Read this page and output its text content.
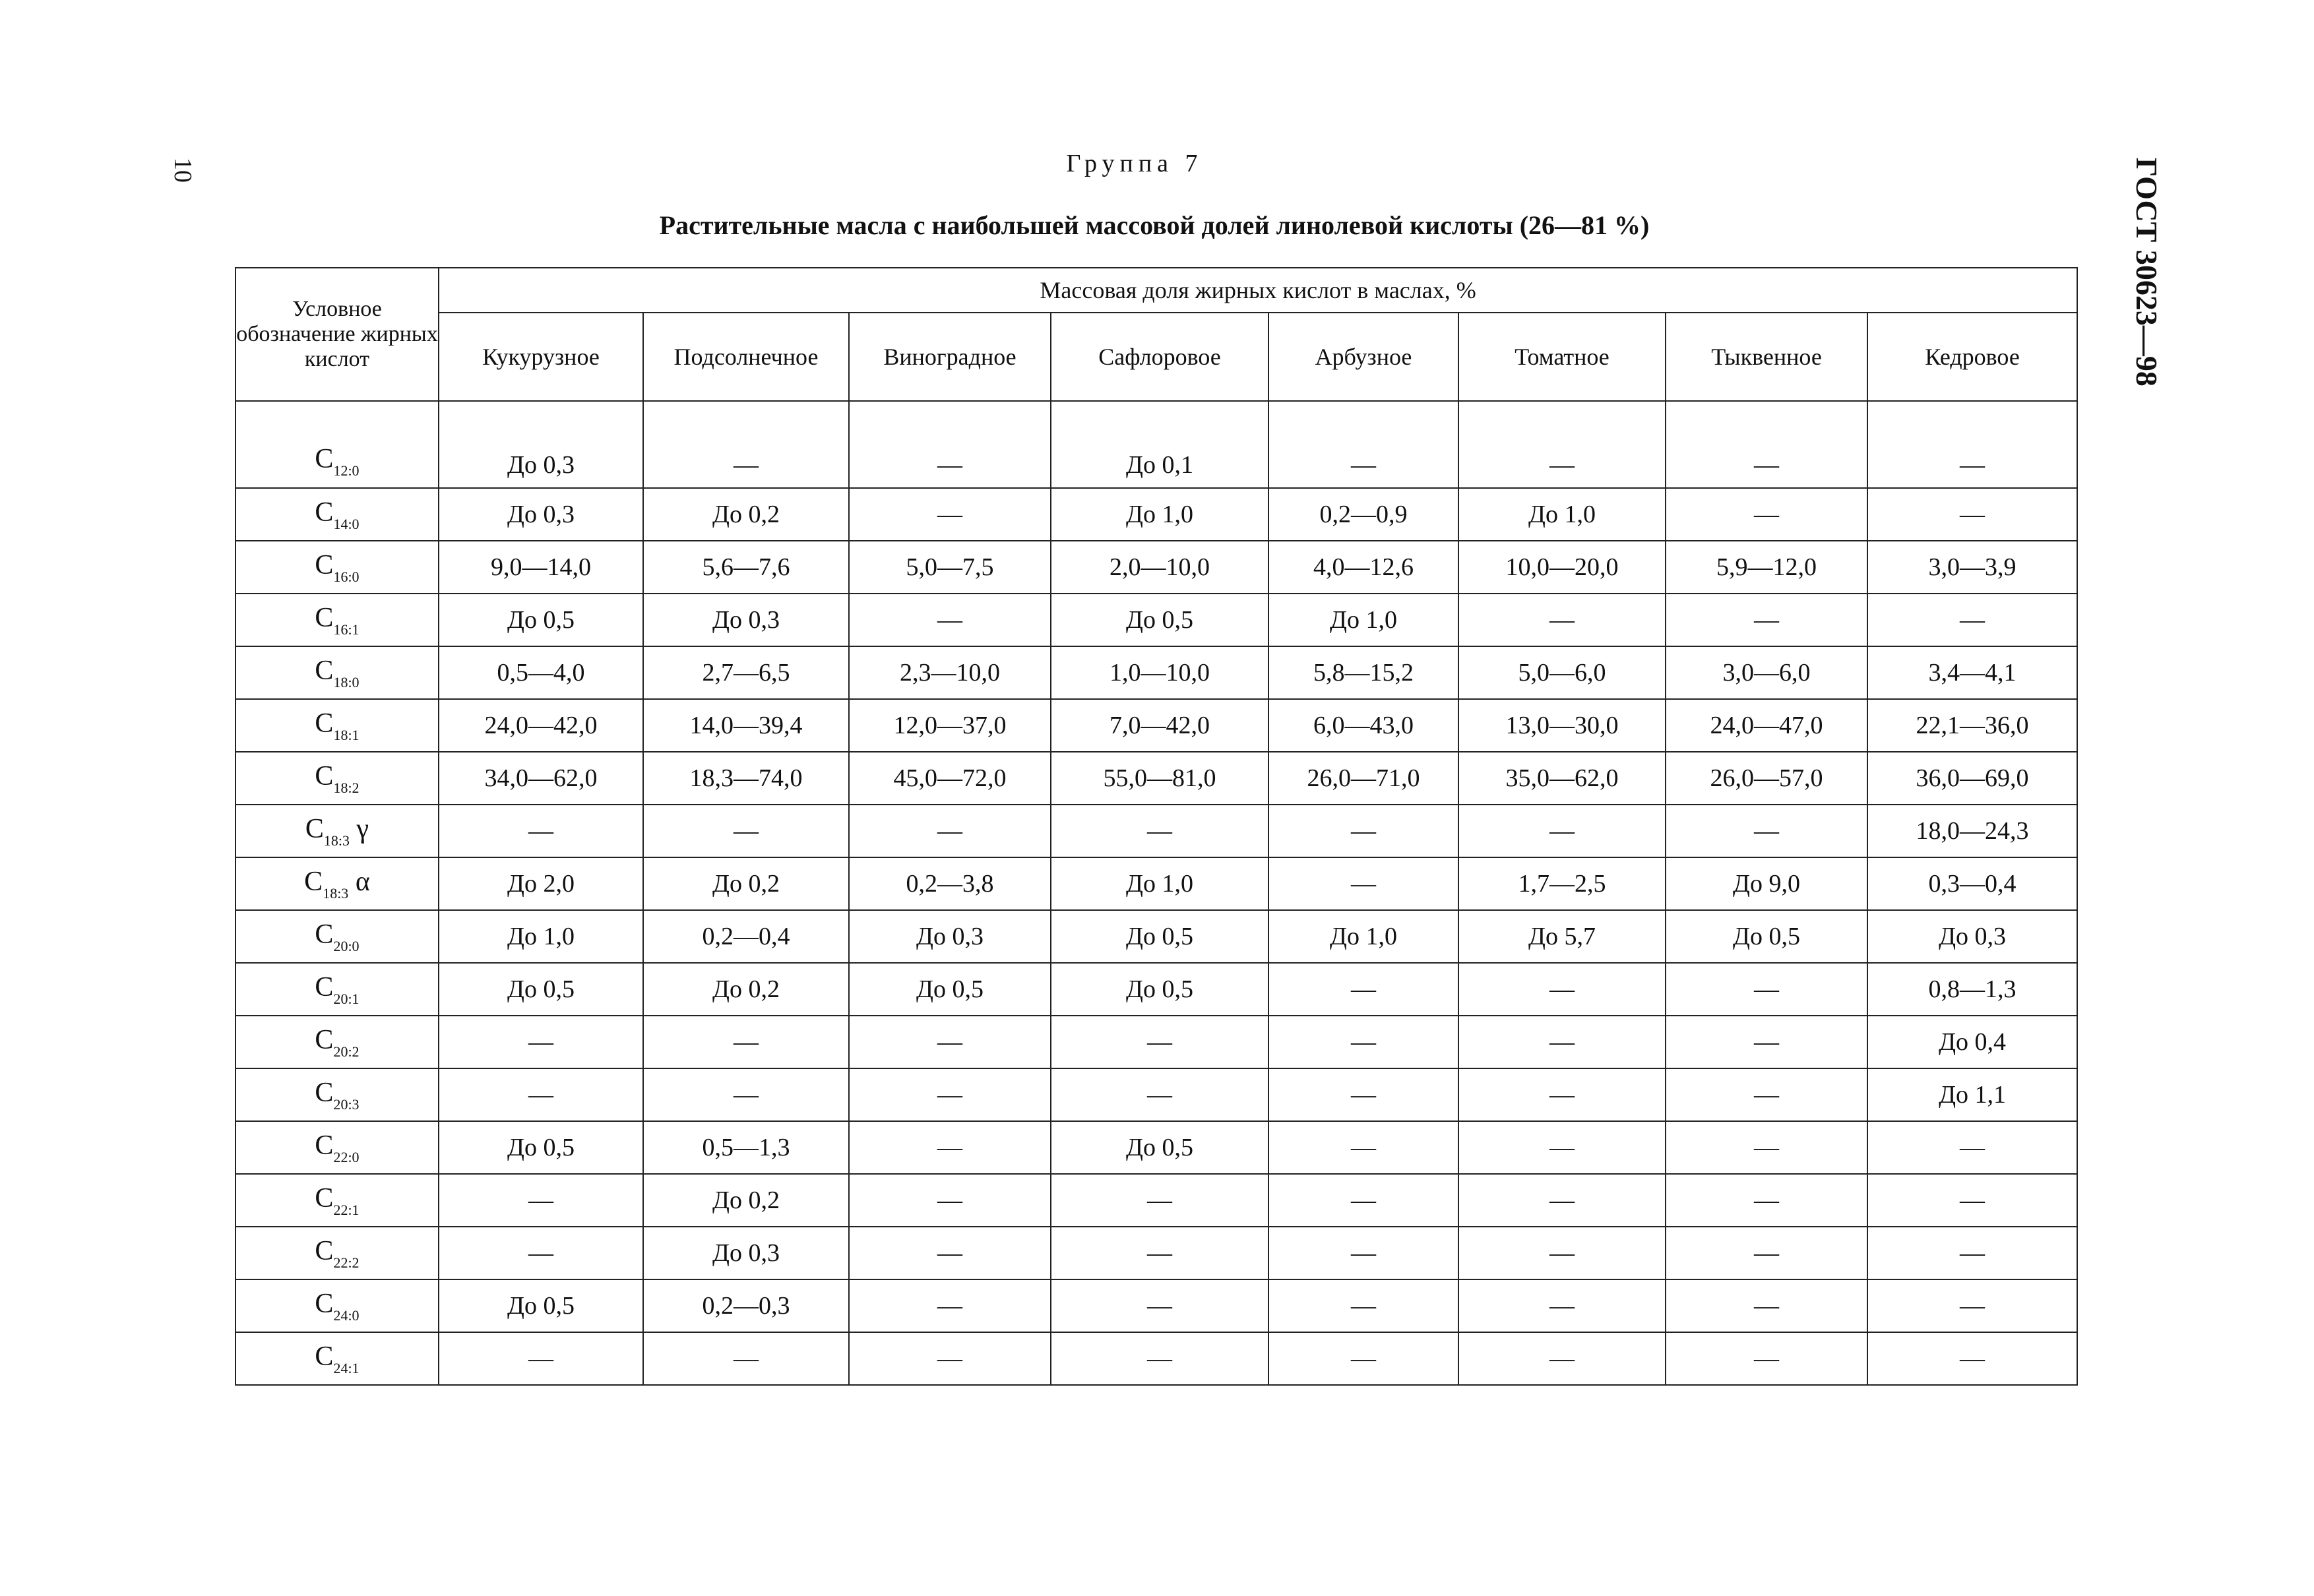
10	ГОСТ 30623—98
Группа 7
Растительные масла с наибольшей массовой долей линолевой кислоты (26—81 %)
Условное обозначение жирных кислот	Массовая доля жирных кислот в маслах, %							
	Кукурузное	Подсолнечное	Виноградное	Сафлоровое	Арбузное	Томатное	Тыквенное	Кедровое
$C_{12:0}$	До 0,3	—	—	До 0,1	—	—	—	—
$C_{14:0}$	До 0,3	До 0,2	—	До 1,0	0,2—0,9	До 1,0	—	—
$C_{16:0}$	9,0—14,0	5,6—7,6	5,0—7,5	2,0—10,0	4,0—12,6	10,0—20,0	5,9—12,0	3,0—3,9
$C_{16:1}$	До 0,5	До 0,3	—	До 0,5	До 1,0	—	—	—
$C_{18:0}$	0,5—4,0	2,7—6,5	2,3—10,0	1,0—10,0	5,8—15,2	5,0—6,0	3,0—6,0	3,4—4,1
$C_{18:1}$	24,0—42,0	14,0—39,4	12,0—37,0	7,0—42,0	6,0—43,0	13,0—30,0	24,0—47,0	22,1—36,0
$C_{18:2}$	34,0—62,0	18,3—74,0	45,0—72,0	55,0—81,0	26,0—71,0	35,0—62,0	26,0—57,0	36,0—69,0
$C_{18:3}$ γ	—	—	—	—	—	—	—	18,0—24,3
$C_{18:3}$ α	До 2,0	До 0,2	0,2—3,8	До 1,0	—	1,7—2,5	До 9,0	0,3—0,4
$C_{20:0}$	До 1,0	0,2—0,4	До 0,3	До 0,5	До 1,0	До 5,7	До 0,5	До 0,3
$C_{20:1}$	До 0,5	До 0,2	До 0,5	До 0,5	—	—	—	0,8—1,3
$C_{20:2}$	—	—	—	—	—	—	—	До 0,4
$C_{20:3}$	—	—	—	—	—	—	—	До 1,1
$C_{22:0}$	До 0,5	0,5—1,3	—	До 0,5	—	—	—	—
$C_{22:1}$	—	До 0,2	—	—	—	—	—	—
$C_{22:2}$	—	До 0,3	—	—	—	—	—	—
$C_{24:0}$	До 0,5	0,2—0,3	—	—	—	—	—	—
$C_{24:1}$	—	—	—	—	—	—	—	—
